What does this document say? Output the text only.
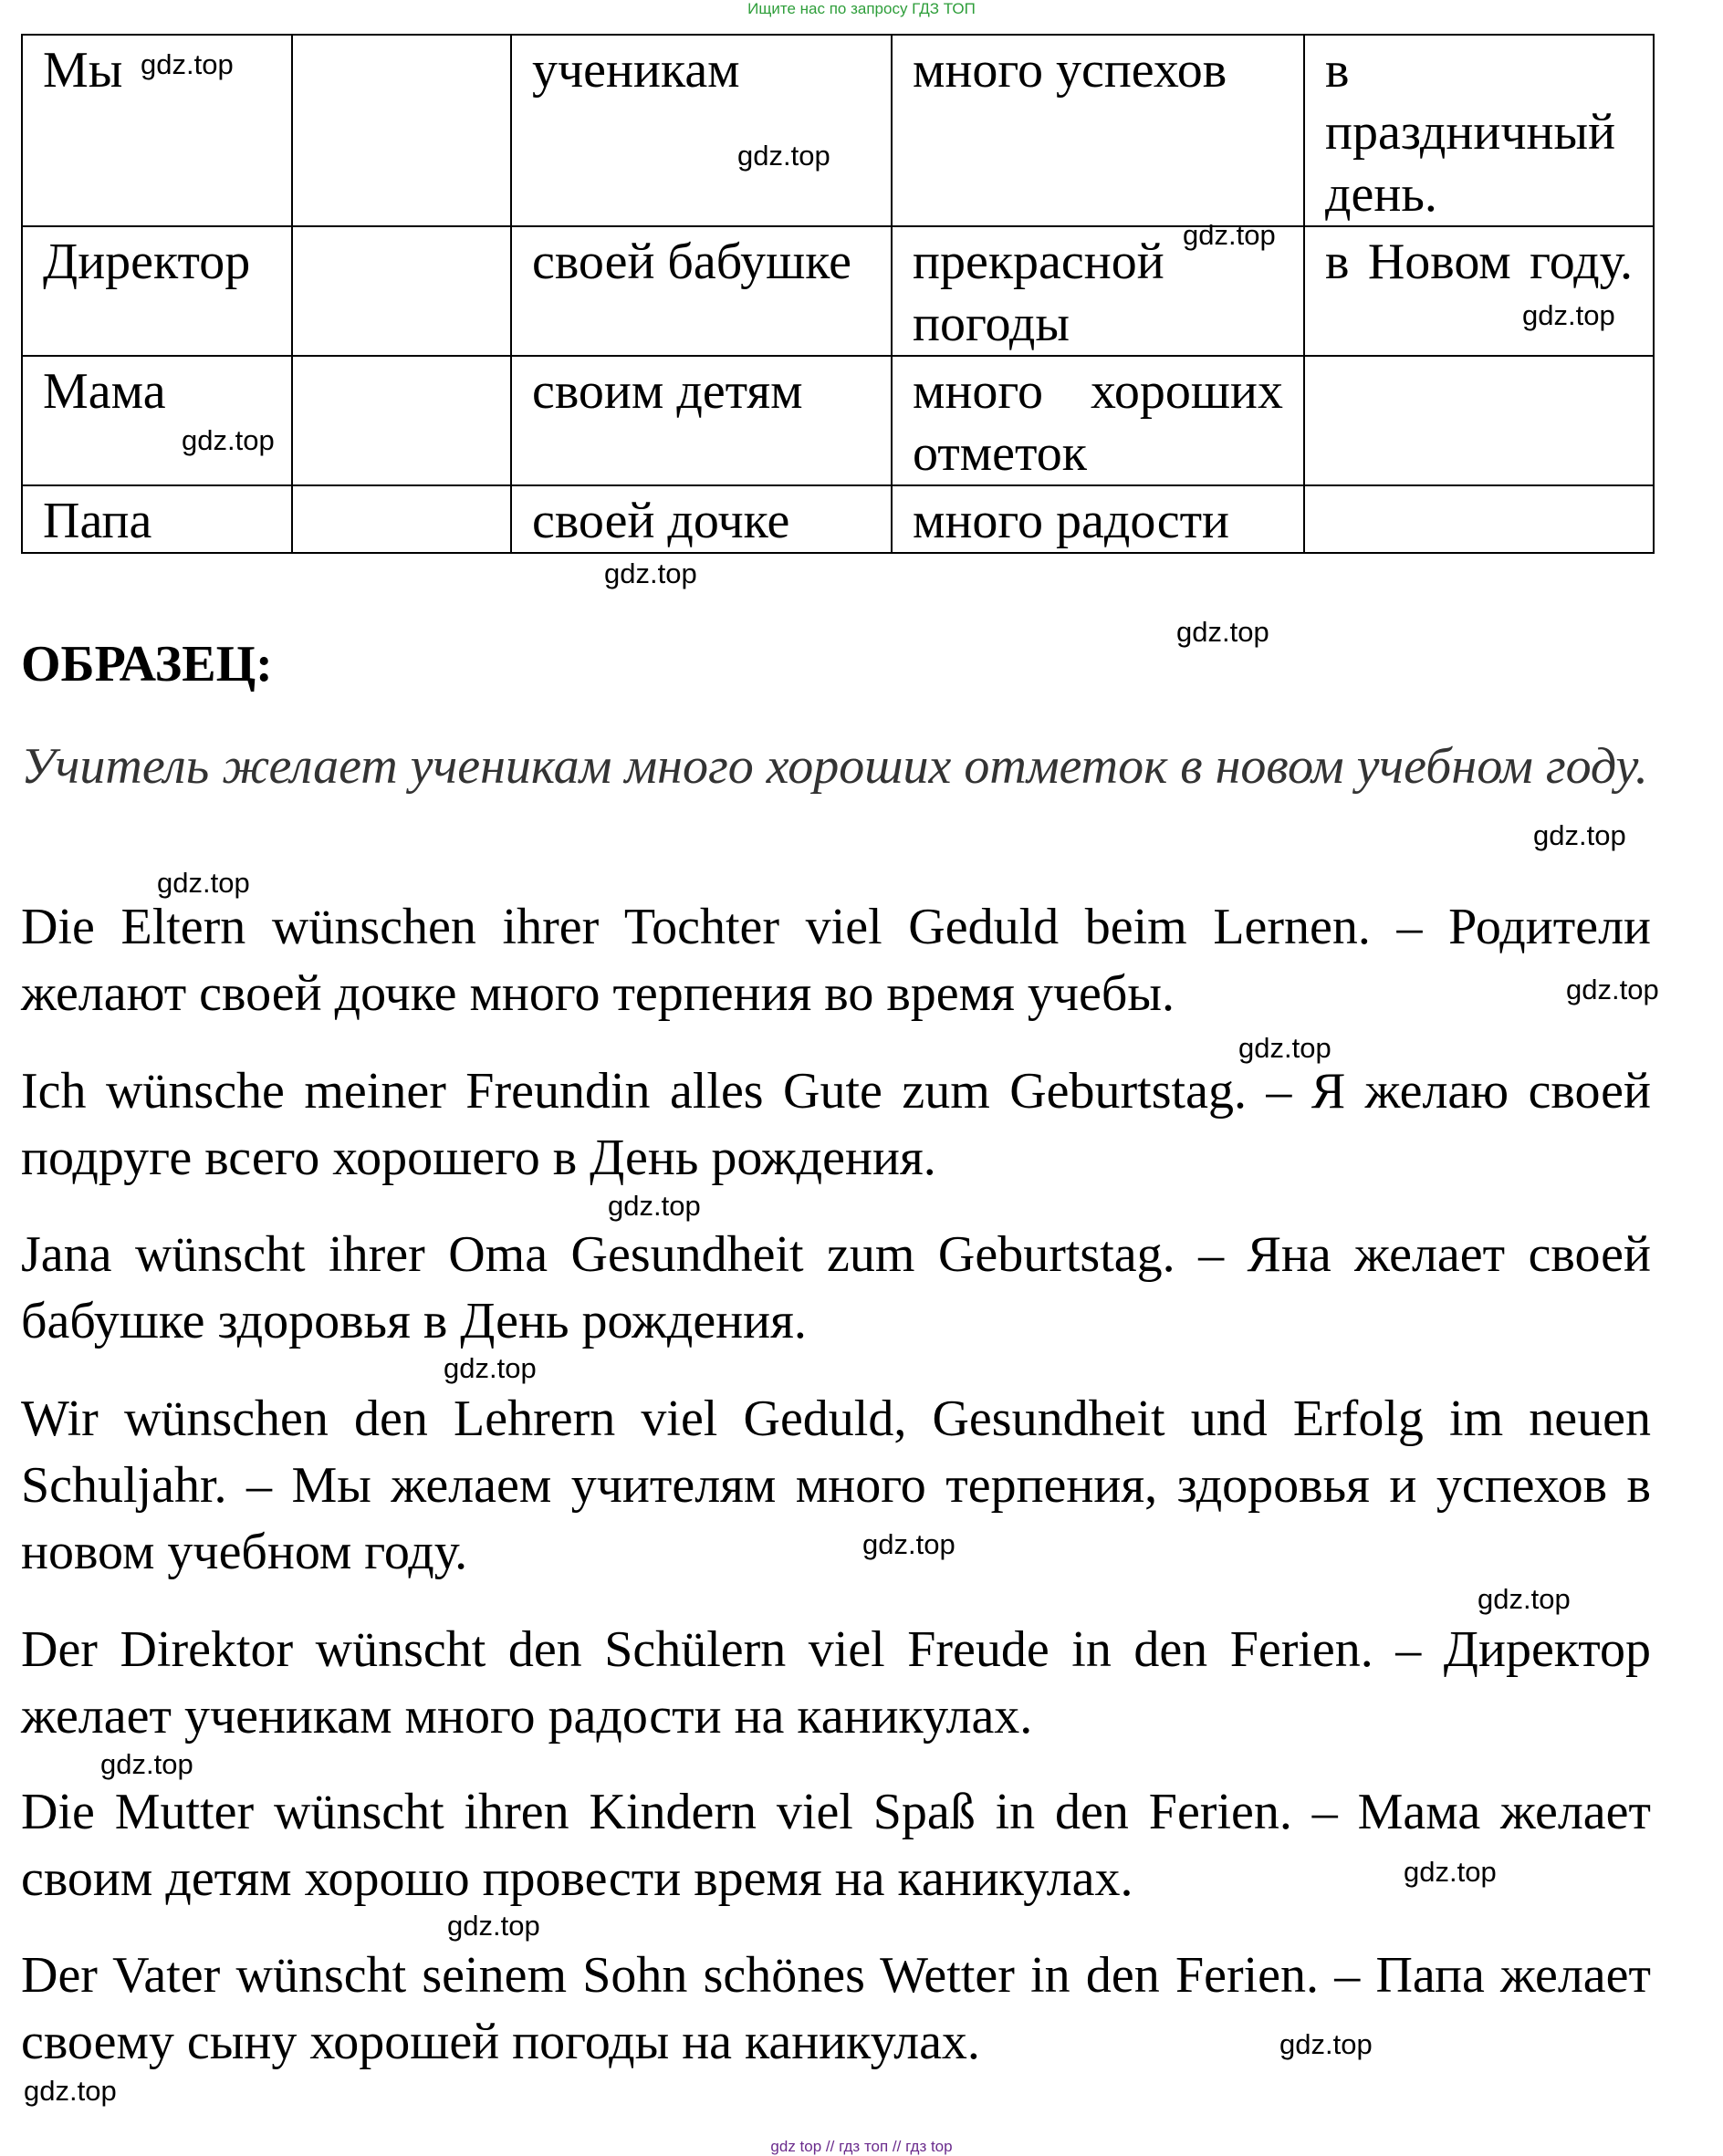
Ищите нас по запросу ГДЗ ТОП
Мы		ученикам	много успехов	в праздничный день.
Директор		своей бабушке	прекрасной погоды	в Новом году.
Мама		своим детям	много хороших отметок	
Папа		своей дочке	много радости	
ОБРАЗЕЦ:

Учитель желает ученикам много хороших отметок в новом учебном году.

Die Eltern wünschen ihrer Tochter viel Geduld beim Lernen. – Родители желают своей дочке много терпения во время учебы.

Ich wünsche meiner Freundin alles Gute zum Geburtstag. – Я желаю своей подруге всего хорошего в День рождения.

Jana wünscht ihrer Oma Gesundheit zum Geburtstag. – Яна желает своей бабушке здоровья в День рождения.

Wir wünschen den Lehrern viel Geduld, Gesundheit und Erfolg im neuen Schuljahr. – Мы желаем учителям много терпения, здоровья и успехов в новом учебном году.

Der Direktor wünscht den Schülern viel Freude in den Ferien. – Директор желает ученикам много радости на каникулах.

Die Mutter wünscht ihren Kindern viel Spaß in den Ferien. – Мама желает своим детям хорошо провести время на каникулах.

Der Vater wünscht seinem Sohn schönes Wetter in den Ferien. – Папа желает своему сыну хорошей погоды на каникулах.

gdz.top
gdz.top
gdz.top
gdz.top
gdz.top
gdz.top
gdz.top
gdz.top
gdz.top
gdz.top
gdz.top
gdz.top
gdz.top
gdz.top
gdz.top
gdz.top
gdz.top
gdz.top
gdz.top
gdz.top
gdz top // гдз топ // гдз top
